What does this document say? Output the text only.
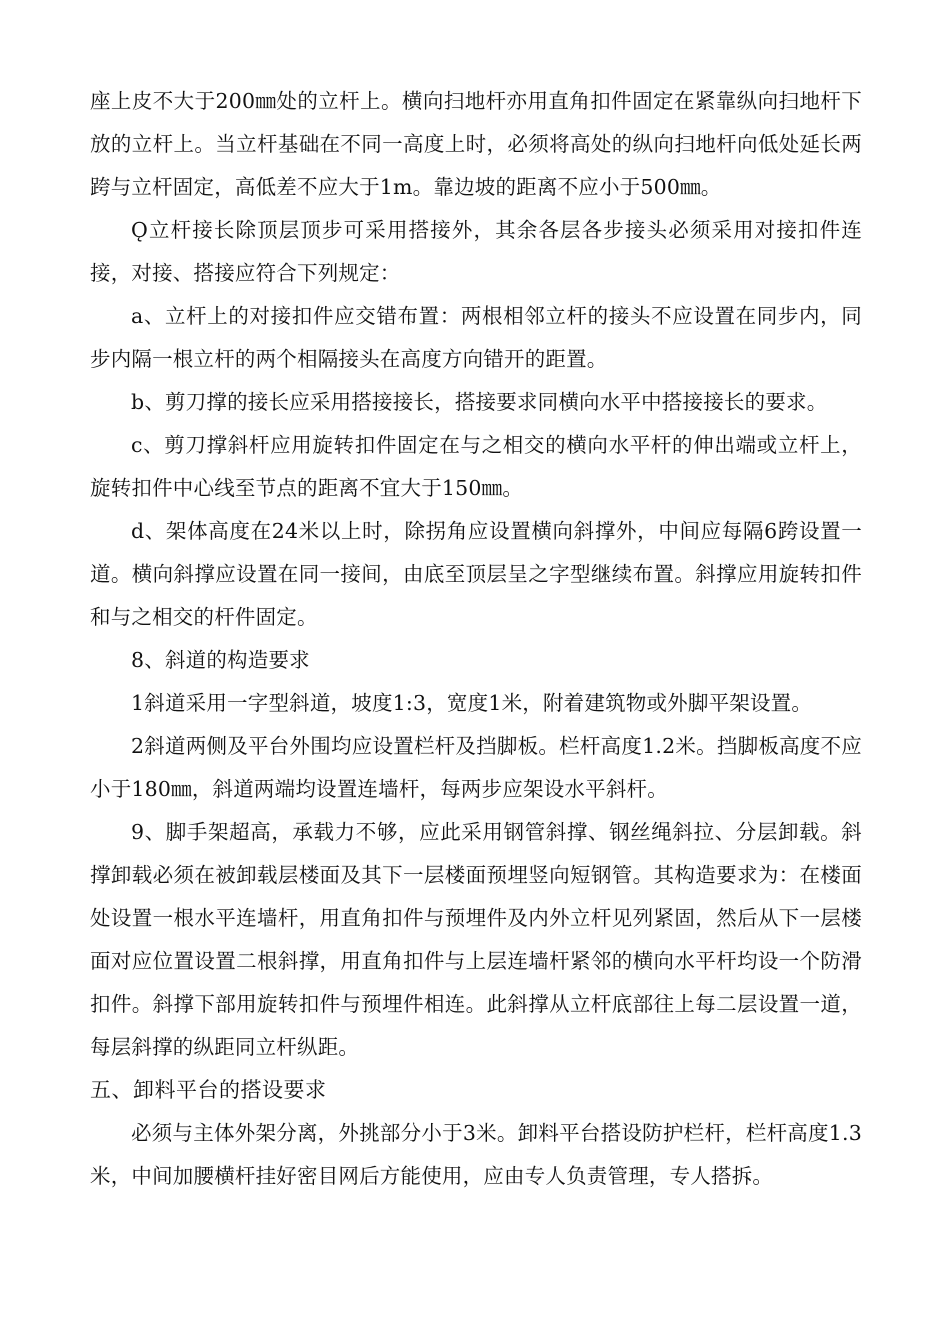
座上皮不大于200㎜处的立杆上。横向扫地杆亦用直角扣件固定在紧靠纵向扫地杆下放的立杆上。当立杆基础在不同一高度上时，必须将高处的纵向扫地杆向低处延长两跨与立杆固定，高低差不应大于1m。靠边坡的距离不应小于500㎜。

Ǫ立杆接长除顶层顶步可采用搭接外，其余各层各步接头必须采用对接扣件连接，对接、搭接应符合下列规定：

a、立杆上的对接扣件应交错布置：两根相邻立杆的接头不应设置在同步内，同步内隔一根立杆的两个相隔接头在高度方向错开的距置。

b、剪刀撑的接长应采用搭接接长，搭接要求同横向水平中搭接接长的要求。

c、剪刀撑斜杆应用旋转扣件固定在与之相交的横向水平杆的伸出端或立杆上，旋转扣件中心线至节点的距离不宜大于150㎜。

d、架体高度在24米以上时，除拐角应设置横向斜撑外，中间应每隔6跨设置一道。横向斜撑应设置在同一接间，由底至顶层呈之字型继续布置。斜撑应用旋转扣件和与之相交的杆件固定。

8、斜道的构造要求

1斜道采用一字型斜道，坡度1:3，宽度1米，附着建筑物或外脚平架设置。

2斜道两侧及平台外围均应设置栏杆及挡脚板。栏杆高度1.2米。挡脚板高度不应小于180㎜，斜道两端均设置连墙杆，每两步应架设水平斜杆。

9、脚手架超高，承载力不够，应此采用钢管斜撑、钢丝绳斜拉、分层卸载。斜撑卸载必须在被卸载层楼面及其下一层楼面预埋竖向短钢管。其构造要求为：在楼面处设置一根水平连墙杆，用直角扣件与预埋件及内外立杆见列紧固，然后从下一层楼面对应位置设置二根斜撑，用直角扣件与上层连墙杆紧邻的横向水平杆均设一个防滑扣件。斜撑下部用旋转扣件与预埋件相连。此斜撑从立杆底部往上每二层设置一道，每层斜撑的纵距同立杆纵距。

五、卸料平台的搭设要求

必须与主体外架分离，外挑部分小于3米。卸料平台搭设防护栏杆，栏杆高度1.3米，中间加腰横杆挂好密目网后方能使用，应由专人负责管理，专人搭拆。
